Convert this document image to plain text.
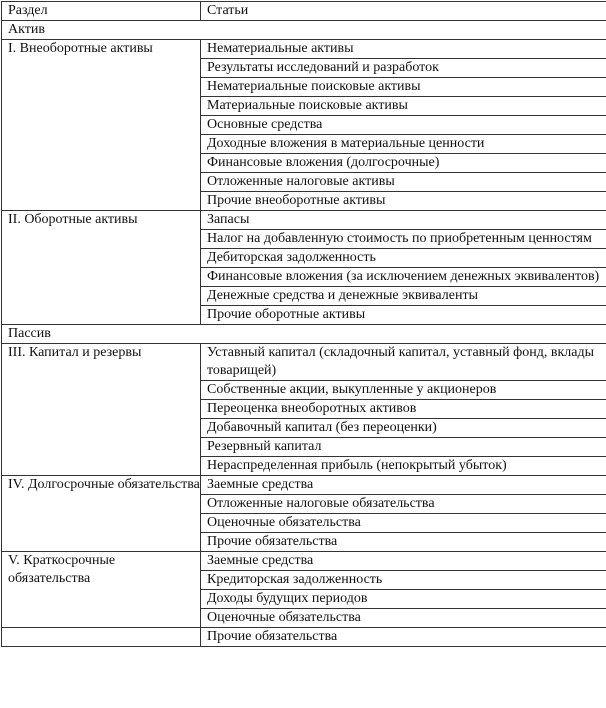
Раздел	Статьи
Актив	
I. Внеоборотные активы	Нематериальные активы
	Результаты исследований и разработок
	Нематериальные поисковые активы
	Материальные поисковые активы
	Основные средства
	Доходные вложения в материальные ценности
	Финансовые вложения (долгосрочные)
	Отложенные налоговые активы
	Прочие внеоборотные активы
II. Оборотные активы	Запасы
	Налог на добавленную стоимость по приобретенным ценностям
	Дебиторская задолженность
	Финансовые вложения (за исключением денежных эквивалентов)
	Денежные средства и денежные эквиваленты
	Прочие оборотные активы
Пассив	
III. Капитал и резервы	Уставный капитал (складочный капитал, уставный фонд, вклады товарищей)
	Собственные акции, выкупленные у акционеров
	Переоценка внеоборотных активов
	Добавочный капитал (без переоценки)
	Резервный капитал
	Нераспределенная прибыль (непокрытый убыток)
IV. Долгосрочные обязательства	Заемные средства
	Отложенные налоговые обязательства
	Оценочные обязательства
	Прочие обязательства
V. Краткосрочные обязательства	Заемные средства
	Кредиторская задолженность
	Доходы будущих периодов
	Оценочные обязательства
	Прочие обязательства
